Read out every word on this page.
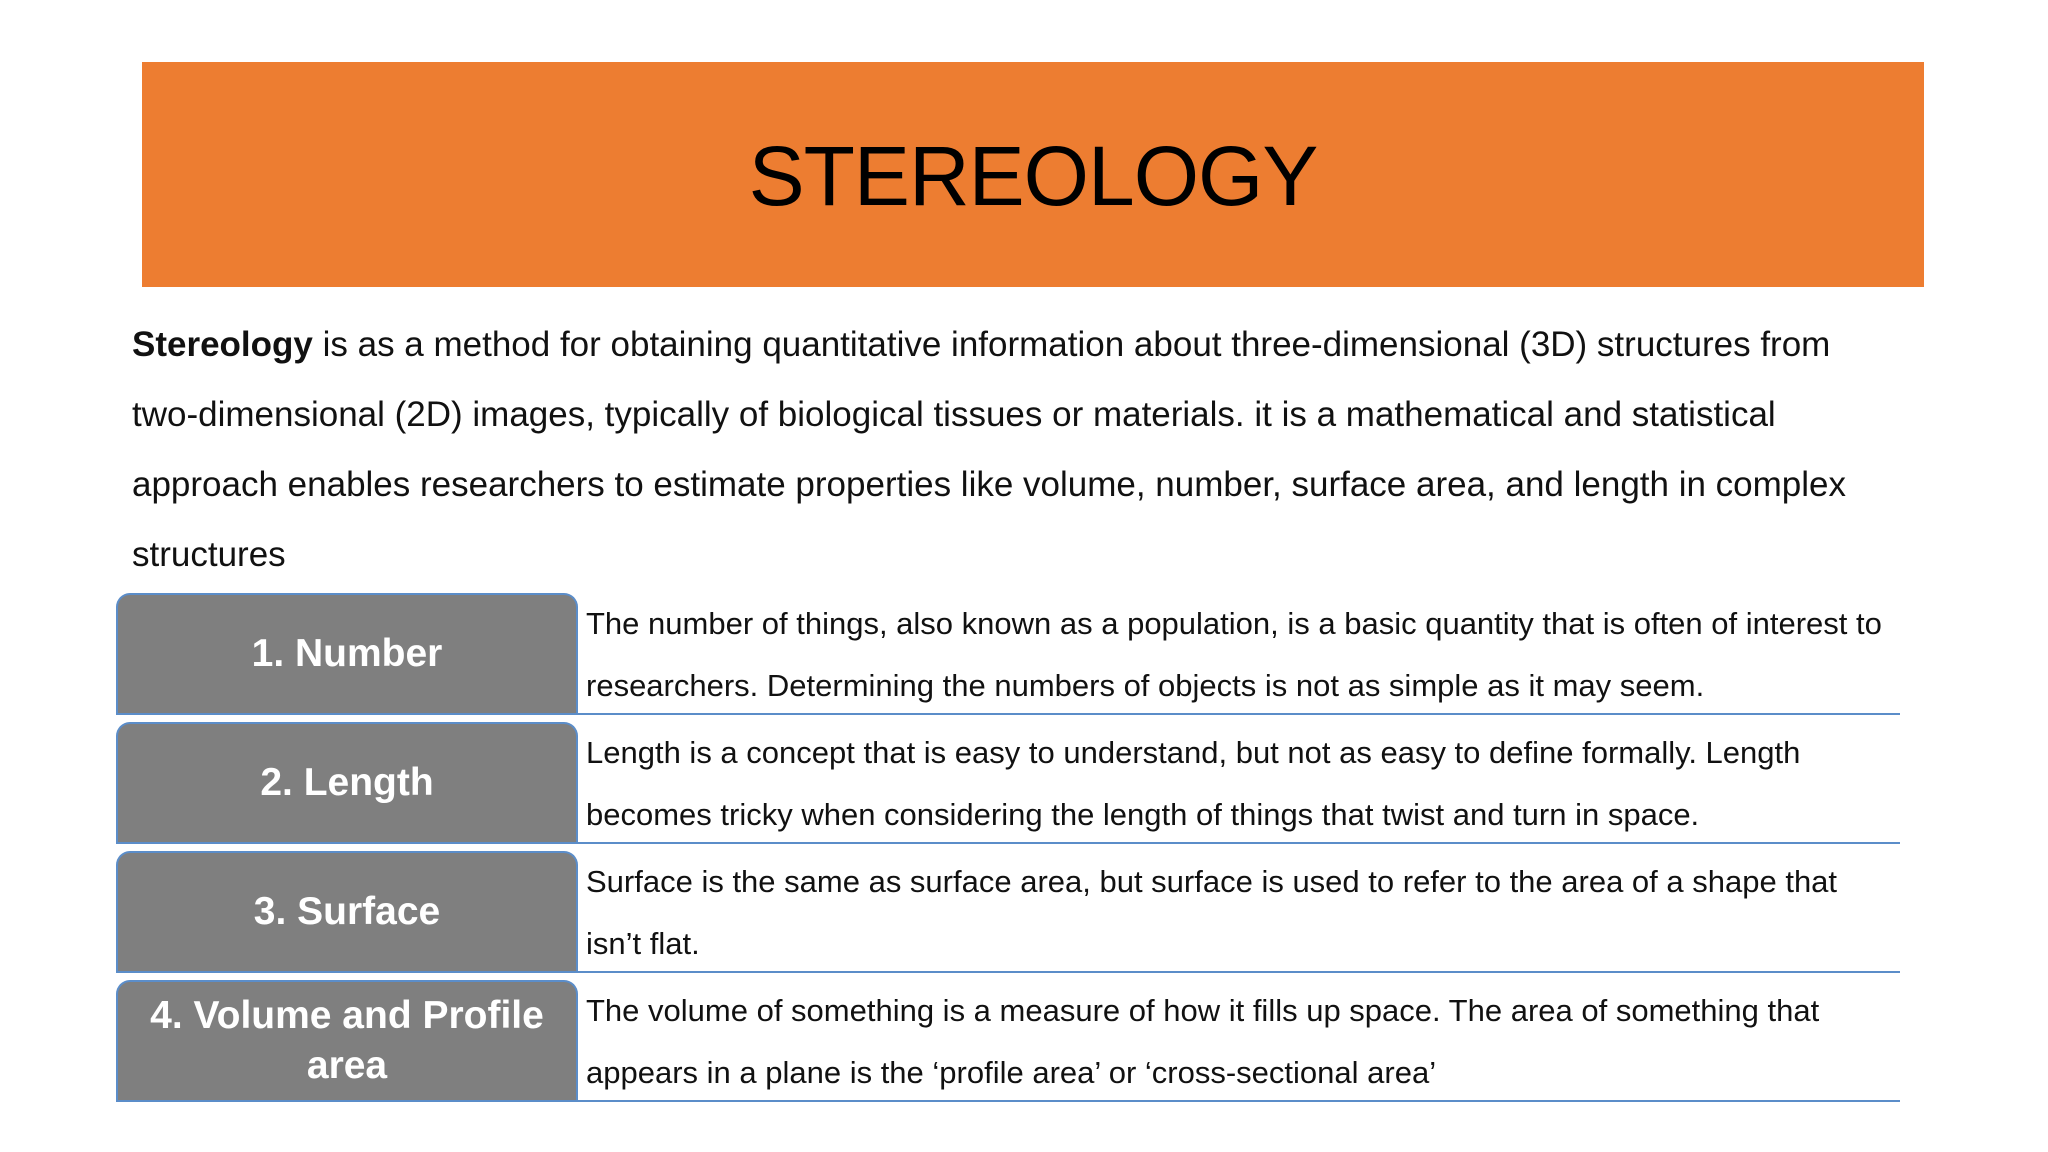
STEREOLOGY
Stereology is as a method for obtaining quantitative information about three-dimensional (3D) structures from two-dimensional (2D) images, typically of biological tissues or materials. it is a mathematical and statistical approach enables researchers to estimate properties like volume, number, surface area, and length in complex structures
1. Number
The number of things, also known as a population, is a basic quantity that is often of interest to researchers. Determining the numbers of objects is not as simple as it may seem.
2. Length
Length is a concept that is easy to understand, but not as easy to define formally. Length becomes tricky when considering the length of things that twist and turn in space.
3. Surface
Surface is the same as surface area, but surface is used to refer to the area of a shape that isn’t flat.
4. Volume and Profile area
The volume of something is a measure of how it fills up space. The area of something that appears in a plane is the ‘profile area’ or ‘cross-sectional area’
